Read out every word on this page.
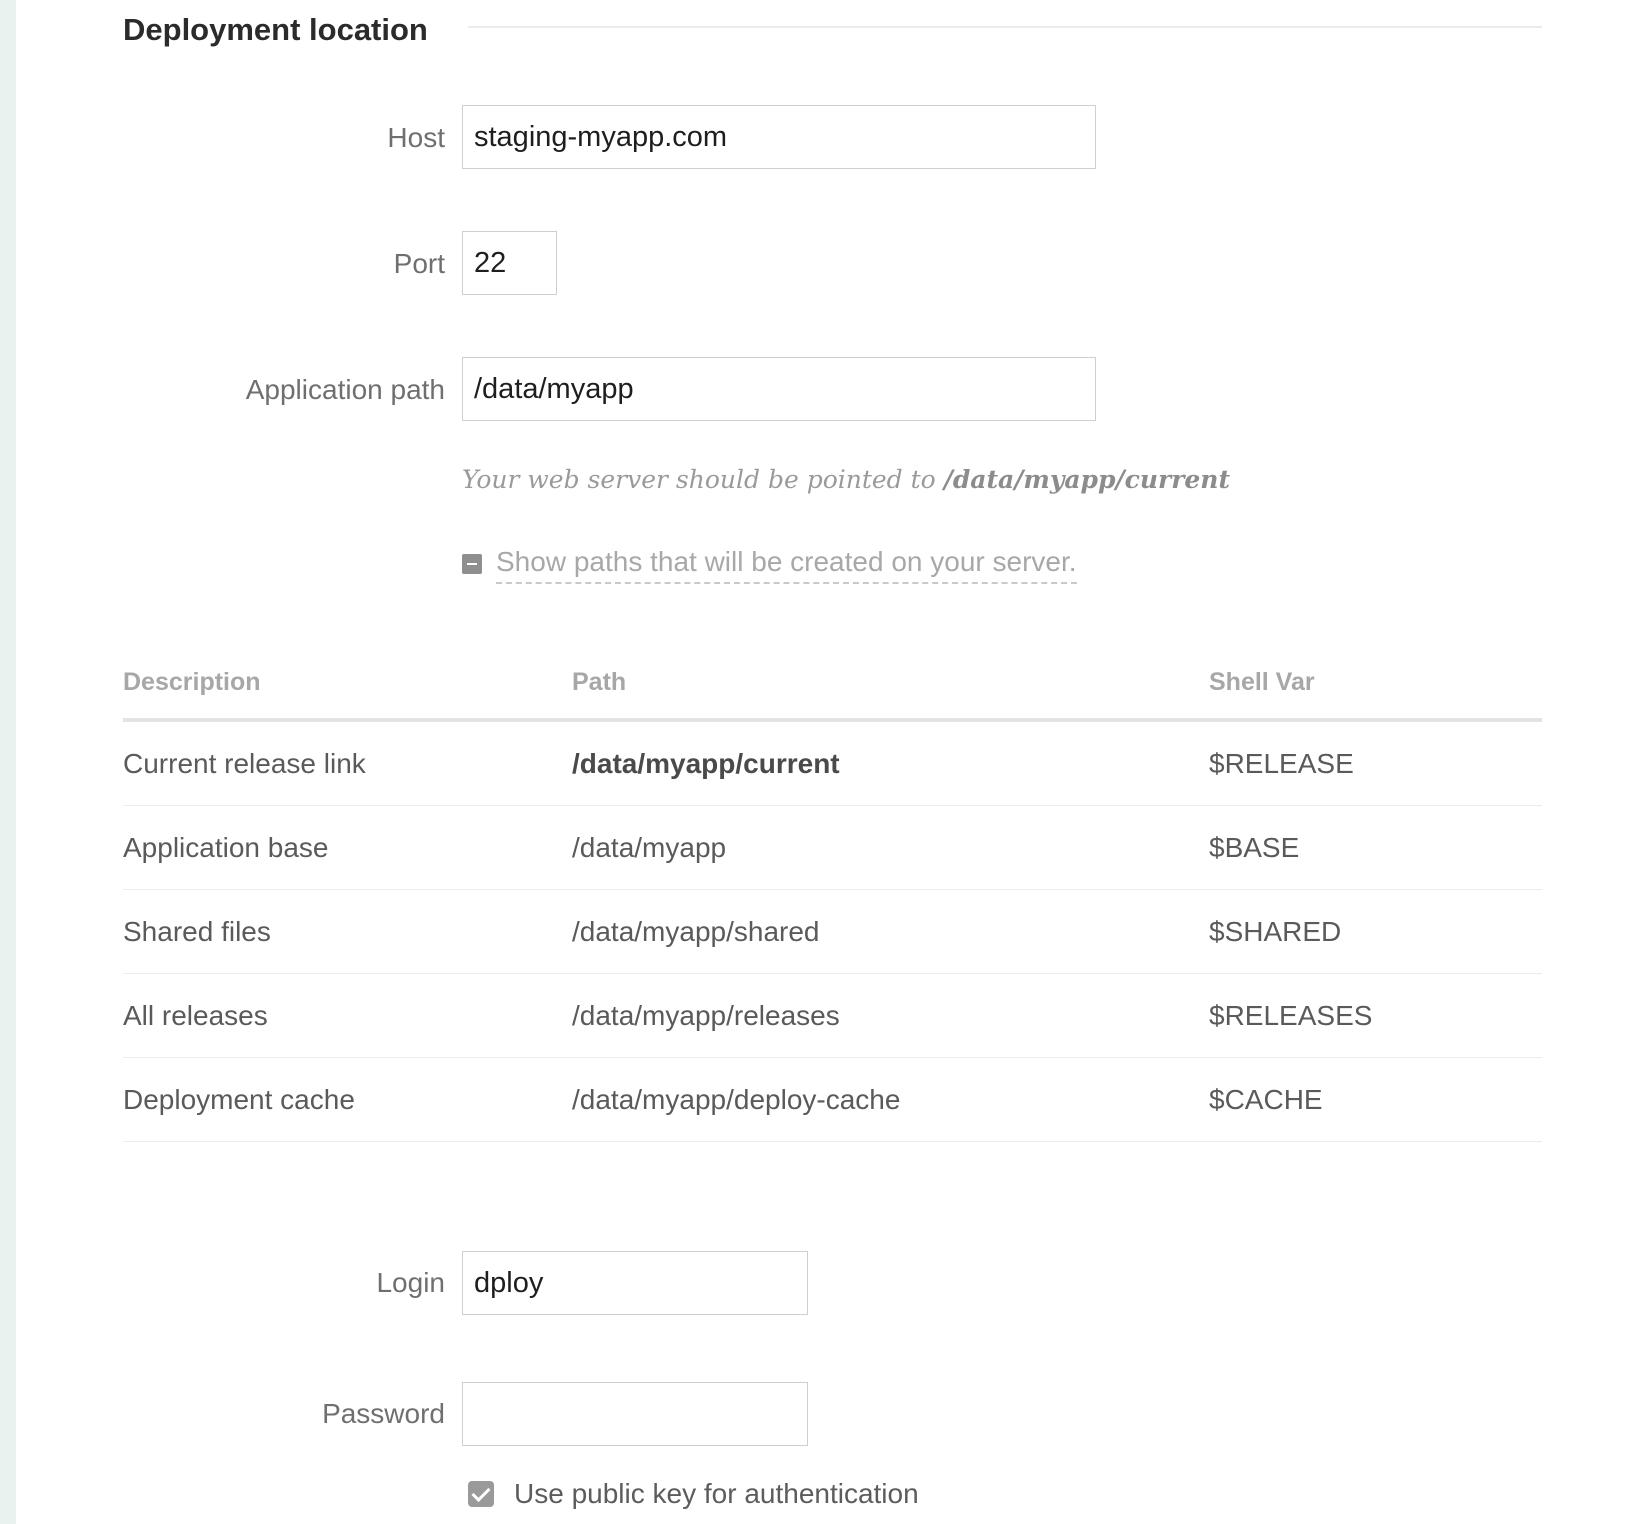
Deployment location
Host
staging-myapp.com
Port
22
Application path
/data/myapp
Your web server should be pointed to /data/myapp/current
Show paths that will be created on your server.
Description	Path	Shell Var
Current release link	/data/myapp/current	$RELEASE
Application base	/data/myapp	$BASE
Shared files	/data/myapp/shared	$SHARED
All releases	/data/myapp/releases	$RELEASES
Deployment cache	/data/myapp/deploy-cache	$CACHE
Login
dploy
Password
Use public key for authentication
